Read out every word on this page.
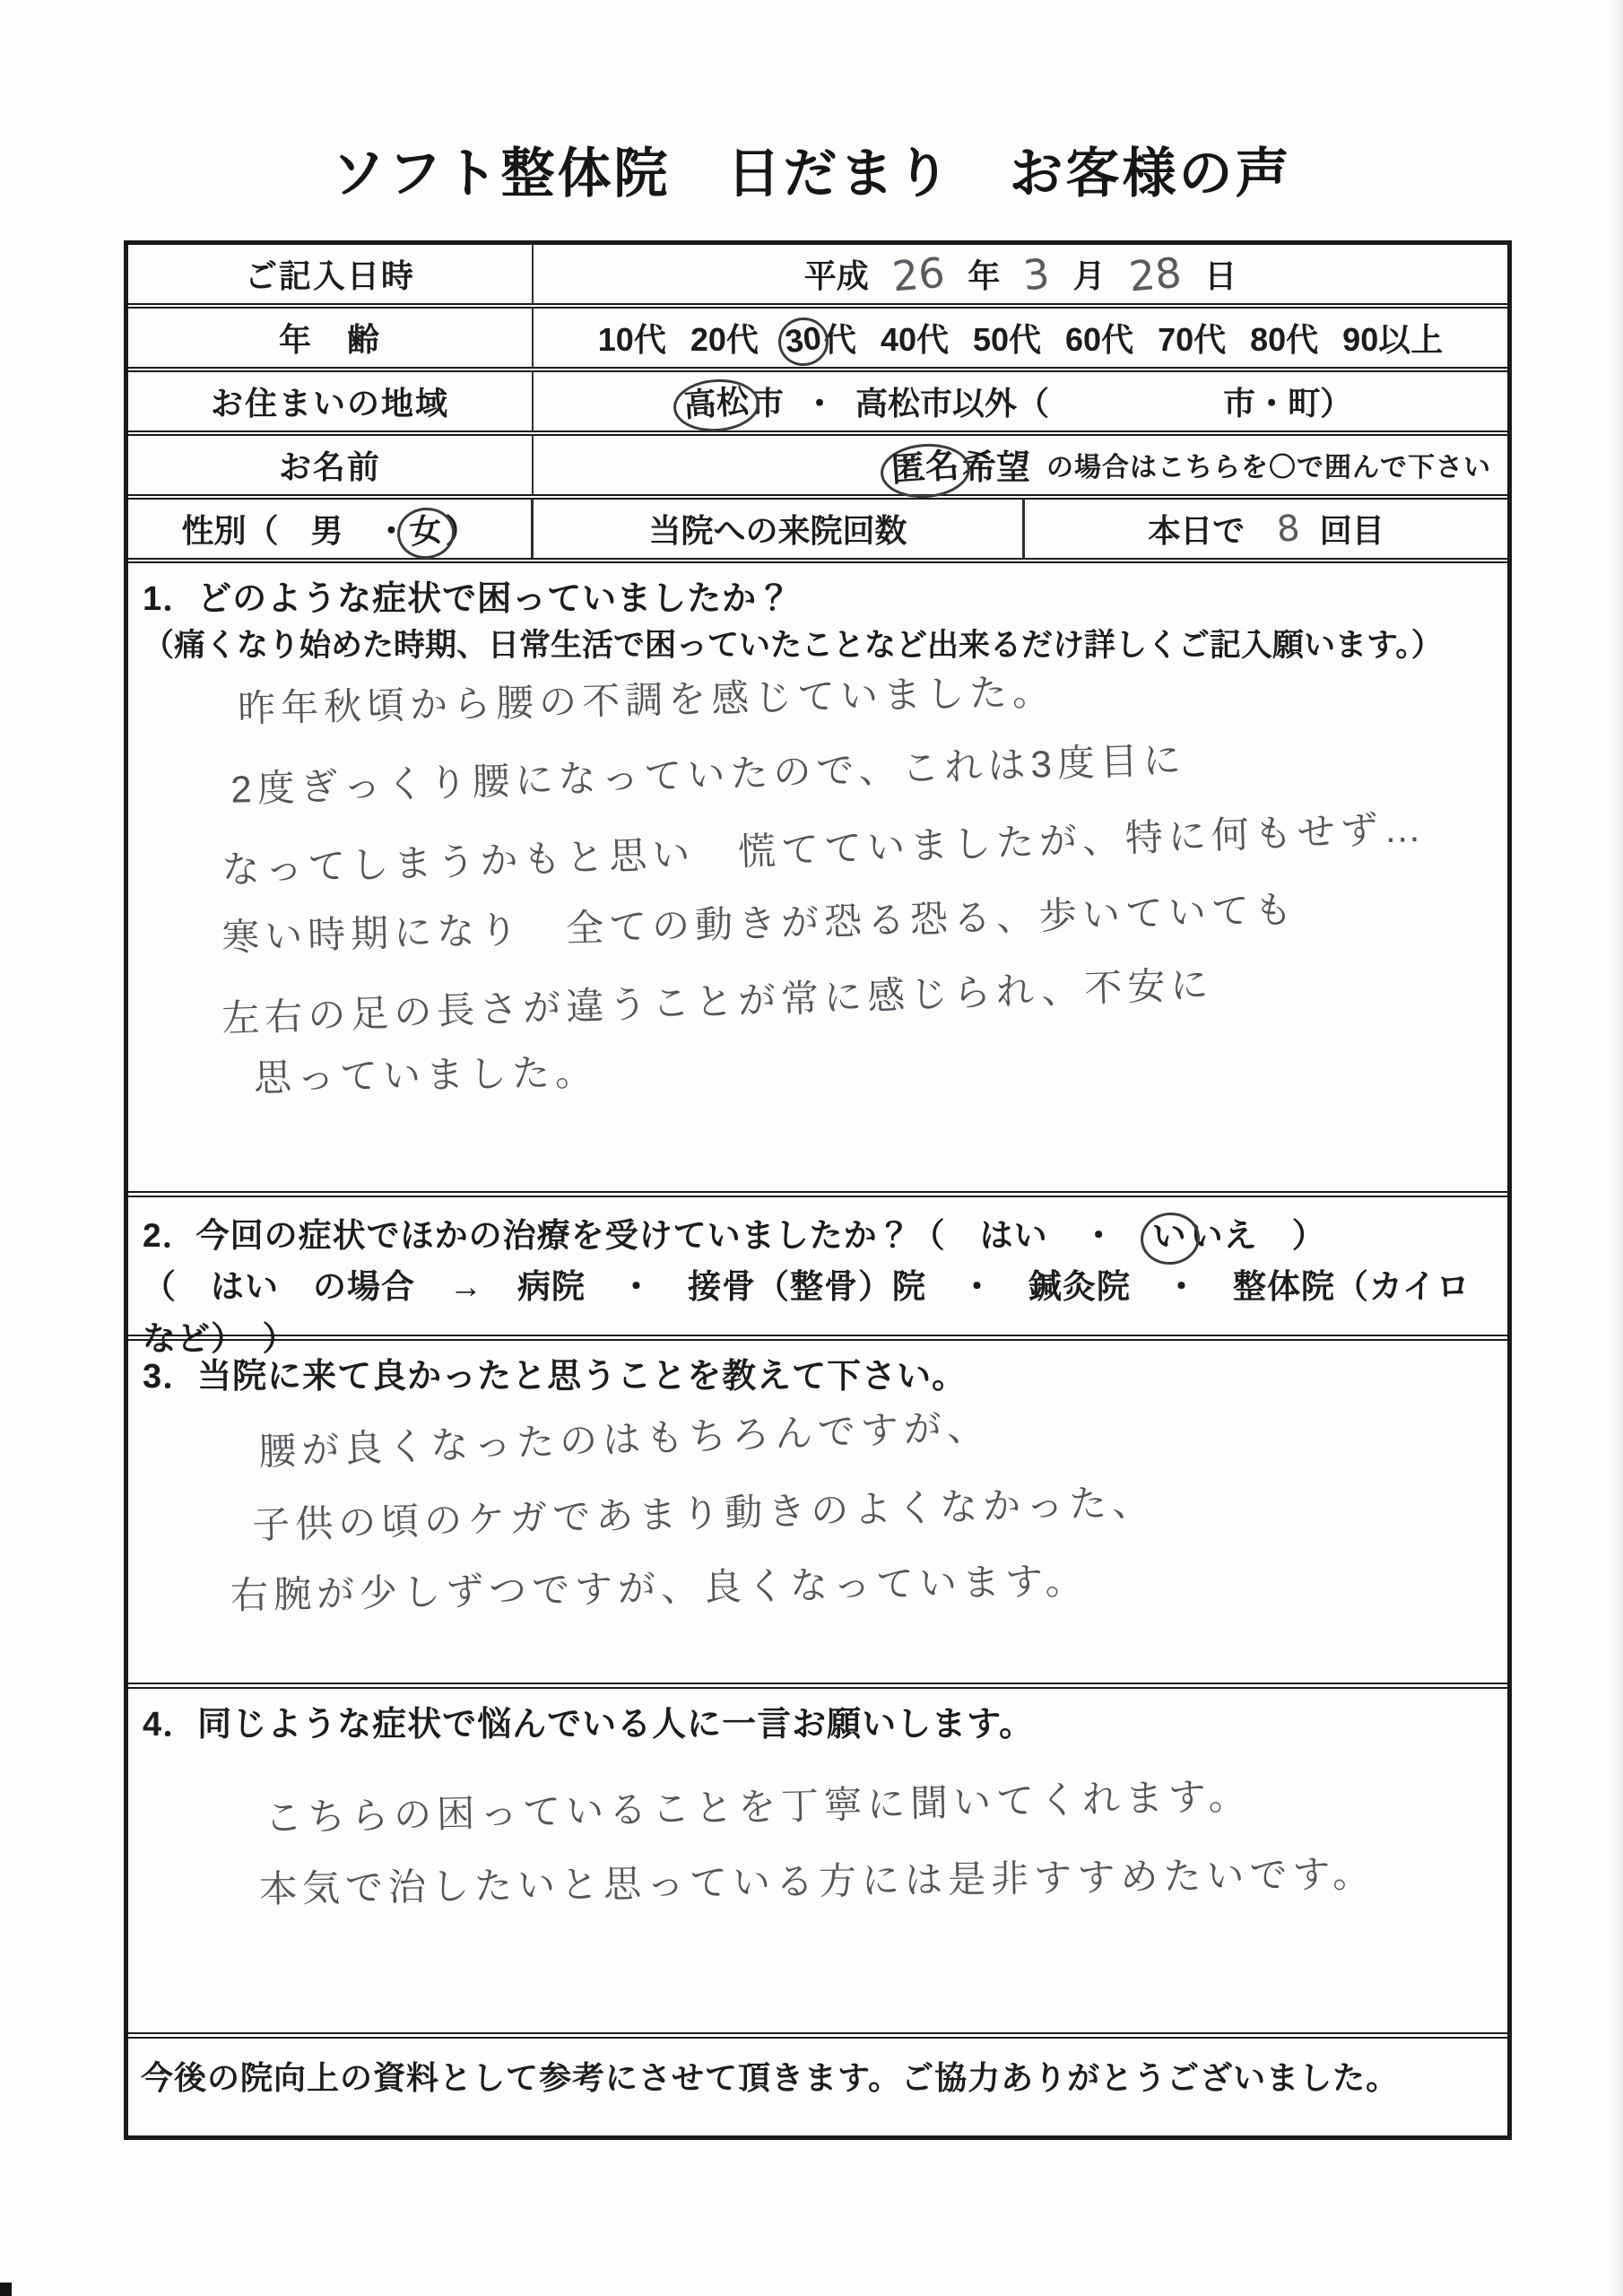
ソフト整体院　日だまり　お客様の声
ご記入日時	平成 26 年 3 月 28 日
年　齢	10代 20代 30代 40代 50代 60代 70代 80代 90以上
お住まいの地域	高松市 ・ 高松市以外（	市・町）
お名前	匿名希望 の場合はこちらを〇で囲んで下さい
性別（　男　・女）	当院への来院回数	本日で 8 回目
1．どのような症状で困っていましたか？
（痛くなり始めた時期、日常生活で困っていたことなど出来るだけ詳しくご記入願います。）
昨年秋頃から腰の不調を感じていました。
2度ぎっくり腰になっていたので、これは3度目に
なってしまうかもと思い　慌てていましたが、特に何もせず…
寒い時期になり　全ての動きが恐る恐る、歩いていても
左右の足の長さが違うことが常に感じられ、不安に
思っていました。
2．今回の症状でほかの治療を受けていましたか？（　はい　・　いいえ　）
（　はい　の場合　→　病院　・　接骨（整骨）院　・　鍼灸院　・　整体院（カイロなど）　）
3．当院に来て良かったと思うことを教えて下さい。
腰が良くなったのはもちろんですが、
子供の頃のケガであまり動きのよくなかった、
右腕が少しずつですが、良くなっています。
4．同じような症状で悩んでいる人に一言お願いします。
こちらの困っていることを丁寧に聞いてくれます。
本気で治したいと思っている方には是非すすめたいです。
今後の院向上の資料として参考にさせて頂きます。ご協力ありがとうございました。
